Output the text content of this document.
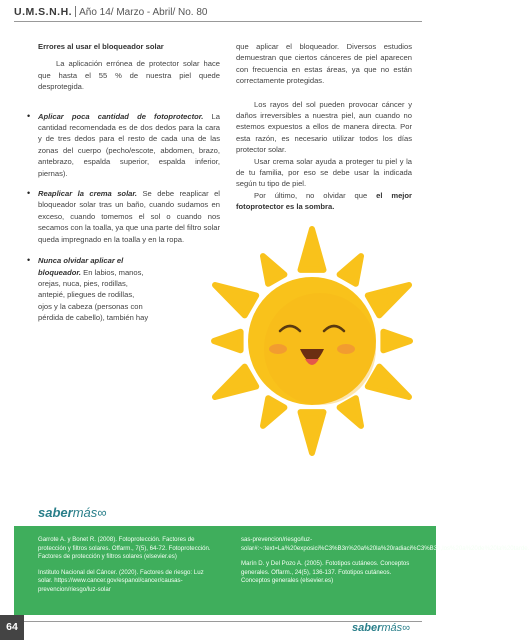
U.M.S.N.H. Año 14/ Marzo - Abril/ No. 80

Errores al usar el bloqueador solar

La aplicación errónea de protector solar hace que hasta el 55 % de nuestra piel quede desprotegida.

• Aplicar poca cantidad de fotoprotector. La cantidad recomendada es de dos dedos para la cara y de tres dedos para el resto de cada una de las zonas del cuerpo (pecho/escote, abdomen, brazo, antebrazo, espalda superior, espalda inferior, piernas).

• Reaplicar la crema solar. Se debe reaplicar el bloqueador solar tras un baño, cuando sudamos en exceso, cuando tomemos el sol o cuando nos secamos con la toalla, ya que una parte del filtro solar queda impregnado en la toalla y en la ropa.

• Nunca olvidar aplicar el bloqueador. En labios, manos, orejas, nuca, pies, rodillas, antepié, pliegues de rodillas, ojos y la cabeza (personas con pérdida de cabello), también hay

que aplicar el bloqueador. Diversos estudios demuestran que ciertos cánceres de piel aparecen con frecuencia en estas áreas, ya que no están correctamente protegidas.

Los rayos del sol pueden provocar cáncer y daños irreversibles a nuestra piel, aun cuando no estemos expuestos a ellos de manera directa. Por esta razón, es necesario utilizar todos los días protector solar.

Usar crema solar ayuda a proteger tu piel y la de tu familia, por eso se debe usar la indicada según tu tipo de piel.

Por último, no olvidar que el mejor fotoprotector es la sombra.

sabermás∞

Garrote A. y Bonet R. (2008). Fotoprotección. Factores de protección y filtros solares. Offarm., 7(5), 64-72. Fotoprotección. Factores de protección y filtros solares (elsevier.es)

Instituto Nacional del Cáncer. (2020). Factores de riesgo: Luz solar. https://www.cancer.gov/espanol/cancer/causas-prevencion/riesgo/luz-solar

sas-prevencion/riesgo/luz-solar#:~:text=La%20exposici%C3%B3n%20a%20la%20radiaci%C3%B3n,los%20a%20de%20la%20tarde.

Marín D. y Del Pozo A. (2005). Fototipos cutáneos. Conceptos generales. Offarm., 24(5), 136-137. Fototipos cutáneos. Conceptos generales (elsevier.es)

64	sabermás∞
